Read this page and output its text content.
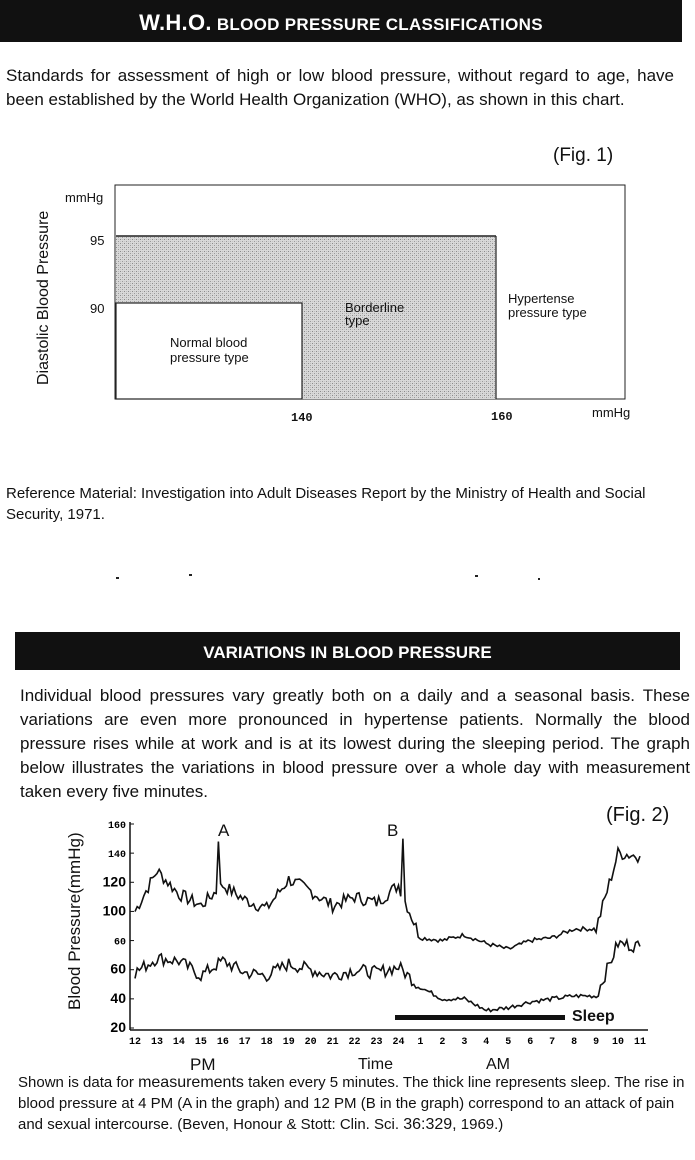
W.H.O. BLOOD PRESSURE CLASSIFICATIONS
Standards for assessment of high or low blood pressure, without regard to age, have been established by the World Health Organization (WHO), as shown in this chart.
(Fig. 1)
Diastolic Blood Pressure
mmHg
95
90
140	160	mmHg
Normal blood
pressure type
Borderline
type
Hypertense
pressure type
Reference Material: Investigation into Adult Diseases Report by the Ministry of Health and Social Security, 1971.
VARIATIONS IN BLOOD PRESSURE
Individual blood pressures vary greatly both on a daily and a seasonal basis. These variations are even more pronounced in hypertense patients. Normally the blood pressure rises while at work and is at its lowest during the sleeping period. The graph below illustrates the variations in blood pressure over a whole day with measurement taken every five minutes.
(Fig. 2)
Blood Pressure(mmHg)
160
140
120
100
60
60
40
20
12 13 14 15 16 17 18 19 20 21 22 23 24 1 2 3 4 5 6 7 8 9 10 11
Sleep
A	B
PM	Time	AM
Shown is data for measurements taken every 5 minutes. The thick line represents sleep. The rise in blood pressure at 4 PM (A in the graph) and 12 PM (B in the graph) correspond to an attack of pain and sexual intercourse. (Beven, Honour & Stott: Clin. Sci. 36:329, 1969.)
